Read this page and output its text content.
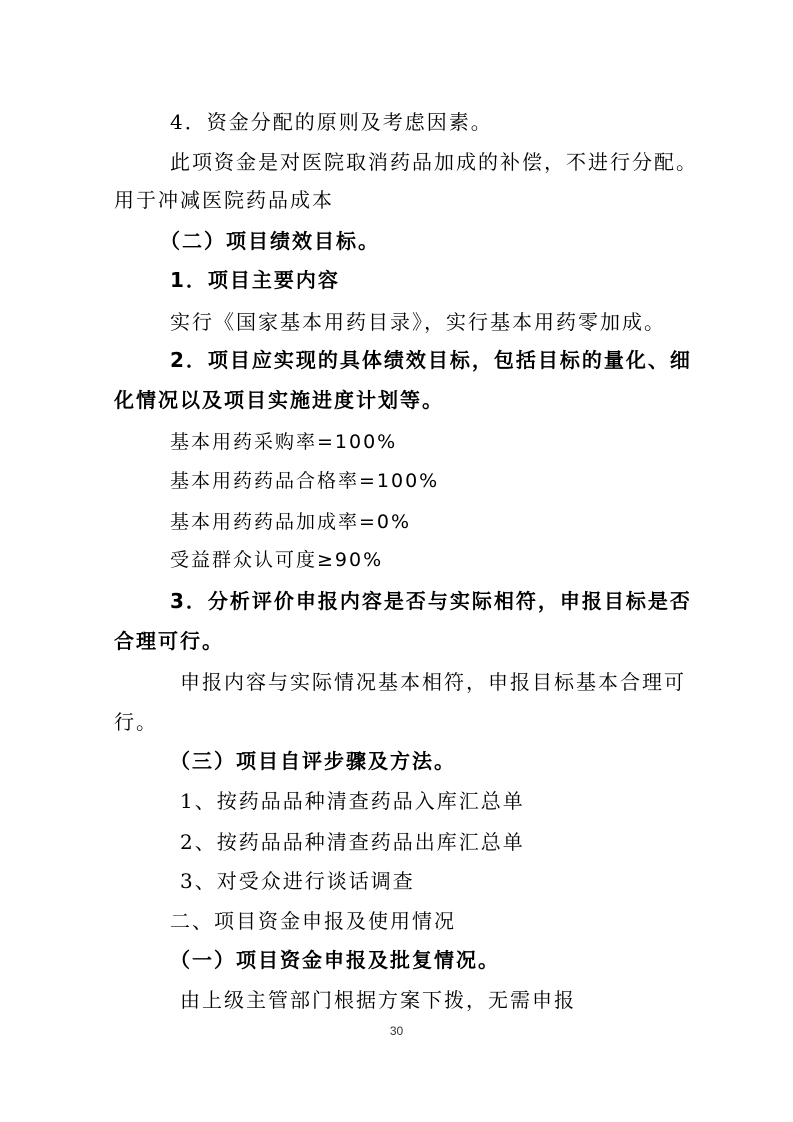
4．资金分配的原则及考虑因素。
此项资金是对医院取消药品加成的补偿，不进行分配。
用于冲减医院药品成本
（二）项目绩效目标。
1．项目主要内容
实行《国家基本用药目录》，实行基本用药零加成。
2．项目应实现的具体绩效目标，包括目标的量化、细
化情况以及项目实施进度计划等。
基本用药采购率=100%
基本用药药品合格率=100%
基本用药药品加成率=0%
受益群众认可度≥90%
3．分析评价申报内容是否与实际相符，申报目标是否
合理可行。
申报内容与实际情况基本相符，申报目标基本合理可
行。
（三）项目自评步骤及方法。
1、按药品品种清查药品入库汇总单
2、按药品品种清查药品出库汇总单
3、对受众进行谈话调查
二、项目资金申报及使用情况
（一）项目资金申报及批复情况。
由上级主管部门根据方案下拨，无需申报
30
